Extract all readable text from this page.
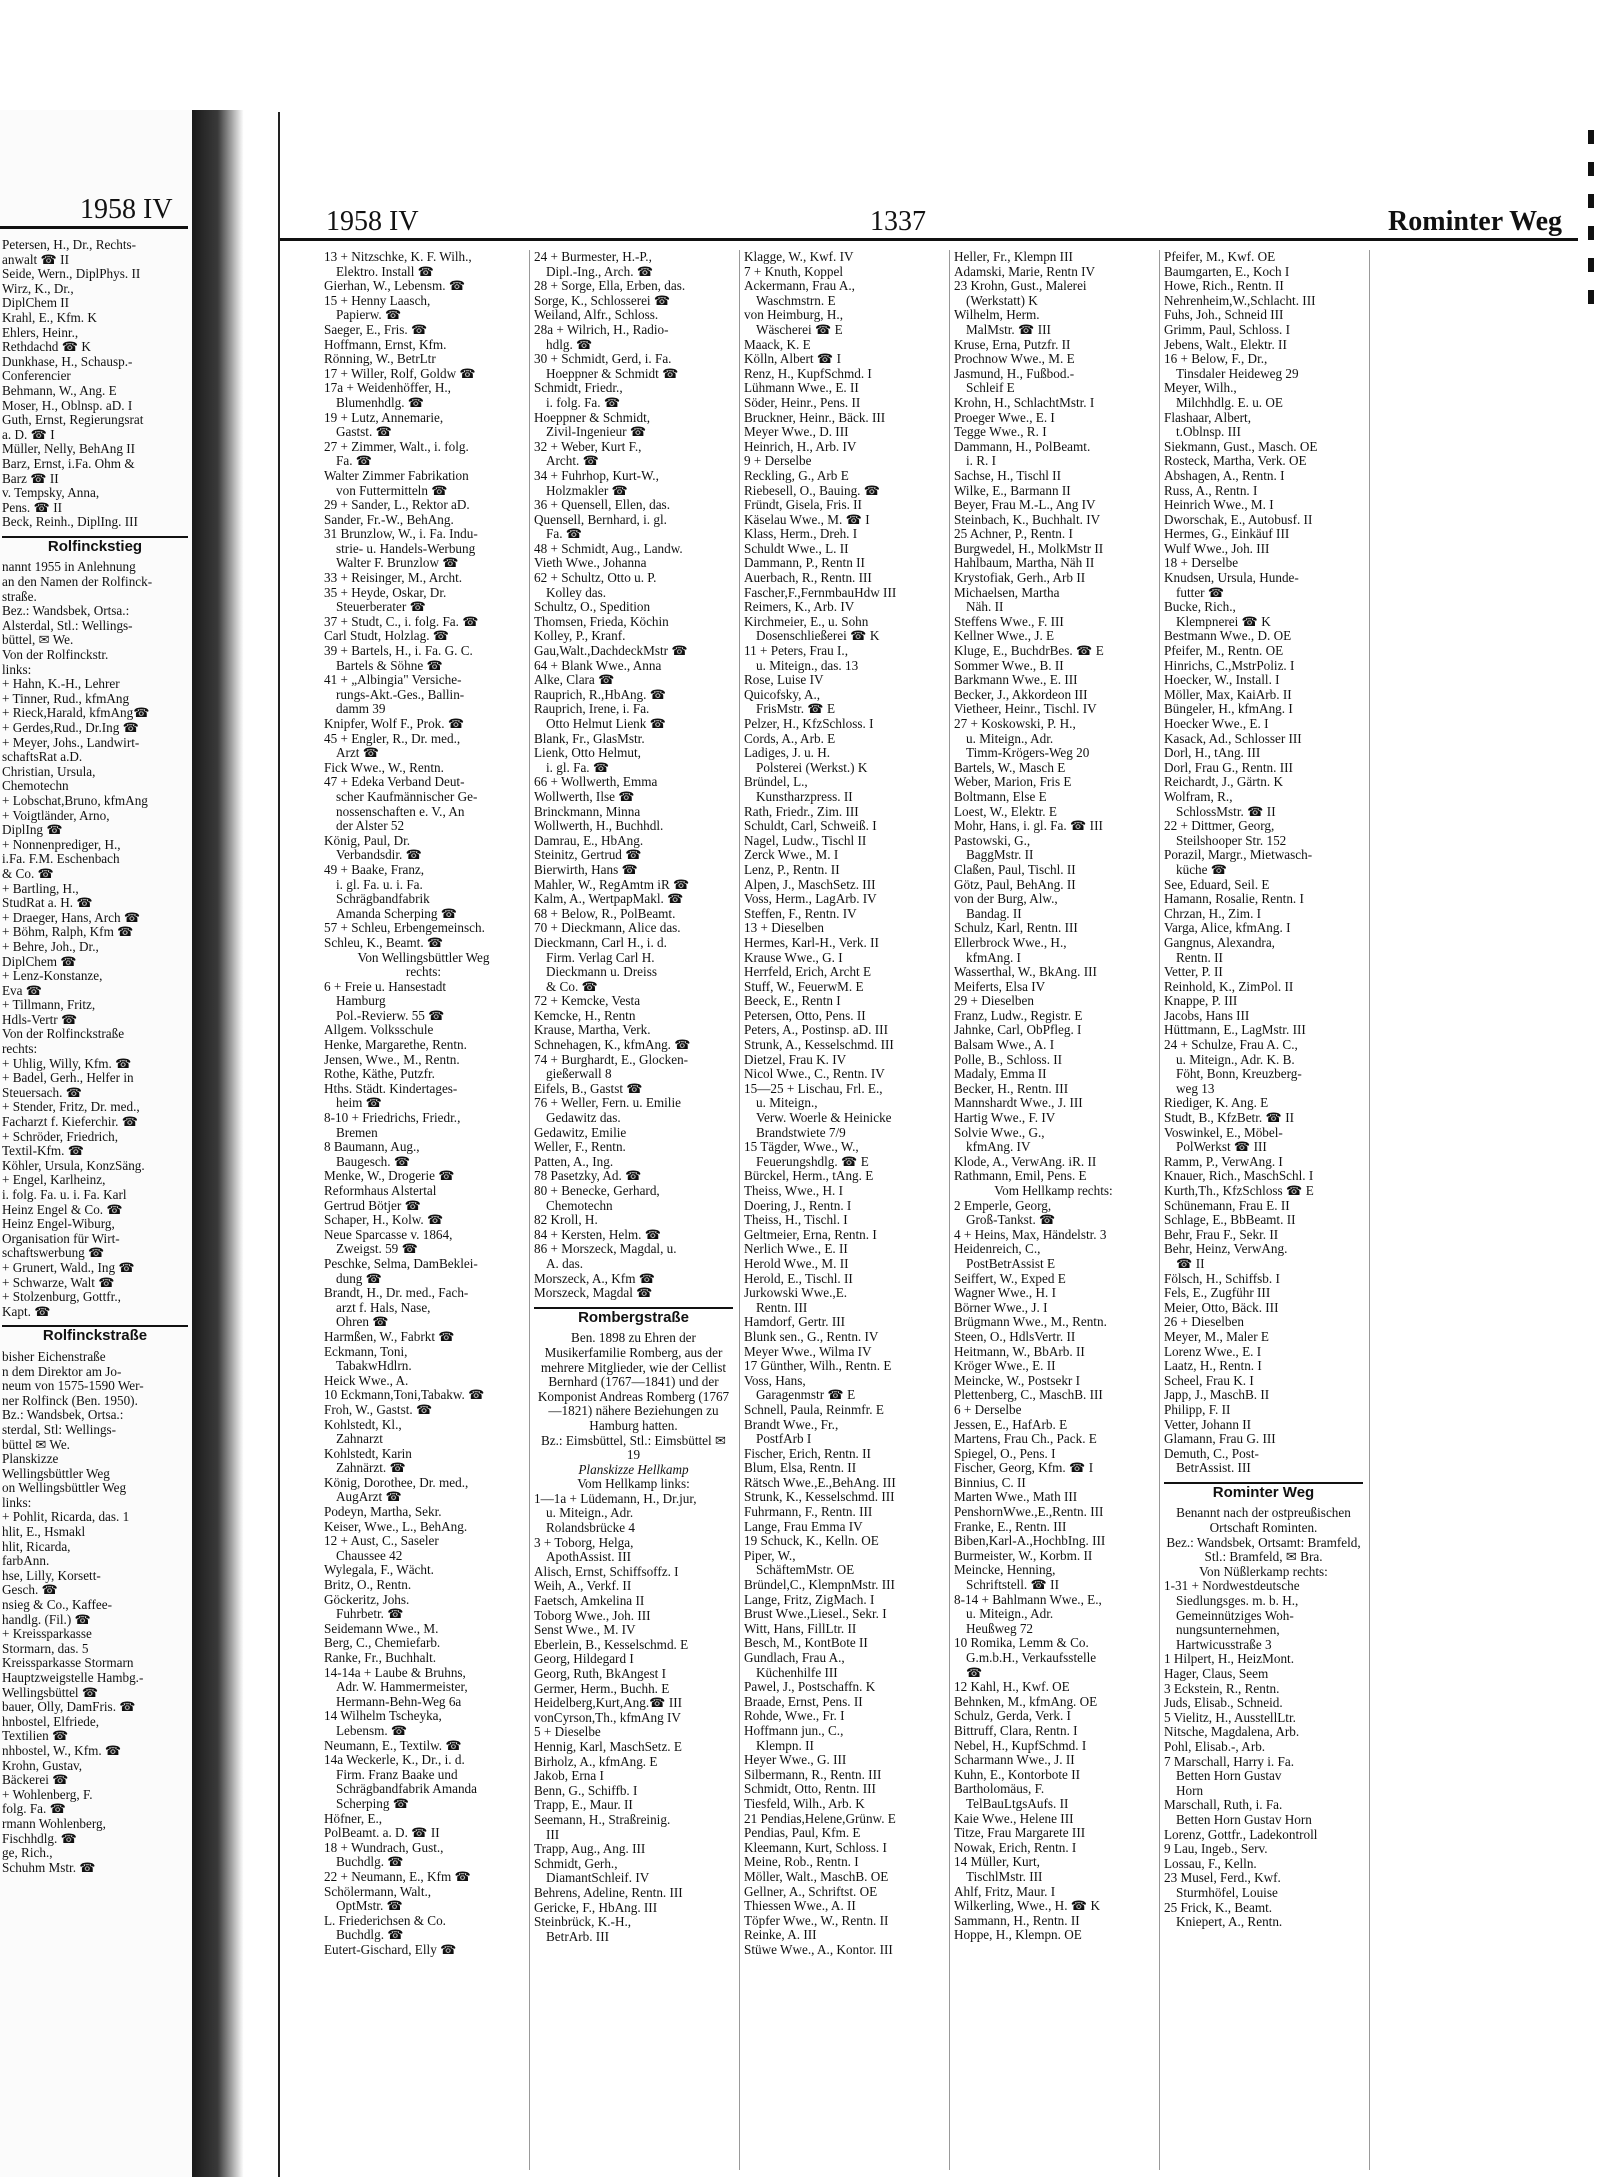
1958 IV
Petersen, H., Dr., Rechts-
anwalt ☎ II
Seide, Wern., DiplPhys. II
Wirz, K., Dr.,
DiplChem II
Krahl, E., Kfm. K
Ehlers, Heinr.,
Rethdachd ☎ K
Dunkhase, H., Schausp.-
Conferencier
Behmann, W., Ang. E
Moser, H., Oblnsp. aD. I
Guth, Ernst, Regierungsrat
a. D. ☎ I
Müller, Nelly, BehAng II
Barz, Ernst, i.Fa. Ohm &
Barz ☎ II
v. Tempsky, Anna,
Pens. ☎ II
Beck, Reinh., DiplIng. III
Rolfinckstieg
nannt 1955 in Anlehnung
an den Namen der Rolfinck-
straße.
Bez.: Wandsbek, Ortsa.:
Alsterdal, Stl.: Wellings-
büttel, ✉ We.
Von der Rolfinckstr.
links:
+ Hahn, K.-H., Lehrer
+ Tinner, Rud., kfmAng
+ Rieck,Harald, kfmAng☎
+ Gerdes,Rud., Dr.Ing ☎
+ Meyer, Johs., Landwirt-
schaftsRat a.D.
Christian, Ursula,
Chemotechn
+ Lobschat,Bruno, kfmAng
+ Voigtländer, Arno,
DiplIng ☎
+ Nonnenprediger, H.,
i.Fa. F.M. Eschenbach
& Co. ☎
+ Bartling, H.,
StudRat a. H. ☎
+ Draeger, Hans, Arch ☎
+ Böhm, Ralph, Kfm ☎
+ Behre, Joh., Dr.,
DiplChem ☎
+ Lenz-Konstanze,
Eva ☎
+ Tillmann, Fritz,
Hdls-Vertr ☎
Von der Rolfinckstraße
rechts:
+ Uhlig, Willy, Kfm. ☎
+ Badel, Gerh., Helfer in
Steuersach. ☎
+ Stender, Fritz, Dr. med.,
Facharzt f. Kieferchir. ☎
+ Schröder, Friedrich,
Textil-Kfm. ☎
Köhler, Ursula, KonzSäng.
+ Engel, Karlheinz,
i. folg. Fa. u. i. Fa. Karl
Heinz Engel & Co. ☎
Heinz Engel-Wiburg,
Organisation für Wirt-
schaftswerbung ☎
+ Grunert, Wald., Ing ☎
+ Schwarze, Walt ☎
+ Stolzenburg, Gottfr.,
Kapt. ☎
Rolfinckstraße
bisher Eichenstraße
n dem Direktor am Jo-
neum von 1575-1590 Wer-
ner Rolfinck (Ben. 1950).
Bz.: Wandsbek, Ortsa.:
sterdal, Stl: Wellings-
büttel ✉ We.
Planskizze
Wellingsbüttler Weg
on Wellingsbüttler Weg
links:
+ Pohlit, Ricarda, das. 1
hlit, E., Hsmakl
hlit, Ricarda,
farbAnn.
hse, Lilly, Korsett-
Gesch. ☎
nsieg & Co., Kaffee-
handlg. (Fil.) ☎
+ Kreissparkasse
Stormarn, das. 5
Kreissparkasse Stormarn
Hauptzweigstelle Hambg.-
Wellingsbüttel ☎
bauer, Olly, DamFris. ☎
hnbostel, Elfriede,
Textilien ☎
nhbostel, W., Kfm. ☎
Krohn, Gustav,
Bäckerei ☎
+ Wohlenberg, F.
folg. Fa. ☎
rmann Wohlenberg,
Fischhdlg. ☎
ge, Rich.,
Schuhm Mstr. ☎
1958 IV	1337	Rominter Weg
13 + Nitzschke, K. F. Wilh.,
Elektro. Install ☎
Gierhan, W., Lebensm. ☎
15 + Henny Laasch,
Papierw. ☎
Saeger, E., Fris. ☎
Hoffmann, Ernst, Kfm.
Rönning, W., BetrLtr
17 + Willer, Rolf, Goldw ☎
17a + Weidenhöffer, H.,
Blumenhdlg. ☎
19 + Lutz, Annemarie,
Gastst. ☎
27 + Zimmer, Walt., i. folg.
Fa. ☎
Walter Zimmer Fabrikation
von Futtermitteln ☎
29 + Sander, L., Rektor aD.
Sander, Fr.-W., BehAng.
31 Brunzlow, W., i. Fa. Indu-
strie- u. Handels-Werbung
Walter F. Brunzlow ☎
33 + Reisinger, M., Archt.
35 + Heyde, Oskar, Dr.
Steuerberater ☎
37 + Studt, C., i. folg. Fa. ☎
Carl Studt, Holzlag. ☎
39 + Bartels, H., i. Fa. G. C.
Bartels & Söhne ☎
41 + „Albingia" Versiche-
rungs-Akt.-Ges., Ballin-
damm 39
Knipfer, Wolf F., Prok. ☎
45 + Engler, R., Dr. med.,
Arzt ☎
Fick Wwe., W., Rentn.
47 + Edeka Verband Deut-
scher Kaufmännischer Ge-
nossenschaften e. V., An
der Alster 52
König, Paul, Dr.
Verbandsdir. ☎
49 + Baake, Franz,
i. gl. Fa. u. i. Fa.
Schrägbandfabrik
Amanda Scherping ☎
57 + Schleu, Erbengemeinsch.
Schleu, K., Beamt. ☎
Von Wellingsbüttler Weg
rechts:
6 + Freie u. Hansestadt
Hamburg
Pol.-Revierw. 55 ☎
Allgem. Volksschule
Henke, Margarethe, Rentn.
Jensen, Wwe., M., Rentn.
Rothe, Käthe, Putzfr.
Hths. Städt. Kindertages-
heim ☎
8-10 + Friedrichs, Friedr.,
Bremen
8 Baumann, Aug.,
Baugesch. ☎
Menke, W., Drogerie ☎
Reformhaus Alstertal
Gertrud Bötjer ☎
Schaper, H., Kolw. ☎
Neue Sparcasse v. 1864,
Zweigst. 59 ☎
Peschke, Selma, DamBeklei-
dung ☎
Brandt, H., Dr. med., Fach-
arzt f. Hals, Nase,
Ohren ☎
Harmßen, W., Fabrkt ☎
Eckmann, Toni,
TabakwHdlrn.
Heick Wwe., A.
10 Eckmann,Toni,Tabakw. ☎
Froh, W., Gastst. ☎
Kohlstedt, Kl.,
Zahnarzt
Kohlstedt, Karin
Zahnärzt. ☎
König, Dorothee, Dr. med.,
AugArzt ☎
Podeyn, Martha, Sekr.
Keiser, Wwe., L., BehAng.
12 + Aust, C., Saseler
Chaussee 42
Wylegala, F., Wächt.
Britz, O., Rentn.
Göckeritz, Johs.
Fuhrbetr. ☎
Seidemann Wwe., M.
Berg, C., Chemiefarb.
Ranke, Fr., Buchhalt.
14-14a + Laube & Bruhns,
Adr. W. Hammermeister,
Hermann-Behn-Weg 6a
14 Wilhelm Tscheyka,
Lebensm. ☎
Neumann, E., Textilw. ☎
14a Weckerle, K., Dr., i. d.
Firm. Franz Baake und
Schrägbandfabrik Amanda
Scherping ☎
Höfner, E.,
PolBeamt. a. D. ☎ II
18 + Wundrach, Gust.,
Buchdlg. ☎
22 + Neumann, E., Kfm ☎
Schölermann, Walt.,
OptMstr. ☎
L. Friederichsen & Co.
Buchdlg. ☎
Eutert-Gischard, Elly ☎
24 + Burmester, H.-P.,
Dipl.-Ing., Arch. ☎
28 + Sorge, Ella, Erben, das.
Sorge, K., Schlosserei ☎
Weiland, Alfr., Schloss.
28a + Wilrich, H., Radio-
hdlg. ☎
30 + Schmidt, Gerd, i. Fa.
Hoeppner & Schmidt ☎
Schmidt, Friedr.,
i. folg. Fa. ☎
Hoeppner & Schmidt,
Zivil-Ingenieur ☎
32 + Weber, Kurt F.,
Archt. ☎
34 + Fuhrhop, Kurt-W.,
Holzmakler ☎
36 + Quensell, Ellen, das.
Quensell, Bernhard, i. gl.
Fa. ☎
48 + Schmidt, Aug., Landw.
Vieth Wwe., Johanna
62 + Schultz, Otto u. P.
Kolley das.
Schultz, O., Spedition
Thomsen, Frieda, Köchin
Kolley, P., Kranf.
Gau,Walt.,DachdeckMstr ☎
64 + Blank Wwe., Anna
Alke, Clara ☎
Rauprich, R.,HbAng. ☎
Rauprich, Irene, i. Fa.
Otto Helmut Lienk ☎
Blank, Fr., GlasMstr.
Lienk, Otto Helmut,
i. gl. Fa. ☎
66 + Wollwerth, Emma
Wollwerth, Ilse ☎
Brinckmann, Minna
Wollwerth, H., Buchhdl.
Damrau, E., HbAng.
Steinitz, Gertrud ☎
Bierwirth, Hans ☎
Mahler, W., RegAmtm iR ☎
Kalm, A., WertpapMakl. ☎
68 + Below, R., PolBeamt.
70 + Dieckmann, Alice das.
Dieckmann, Carl H., i. d.
Firm. Verlag Carl H.
Dieckmann u. Dreiss
& Co. ☎
72 + Kemcke, Vesta
Kemcke, H., Rentn
Krause, Martha, Verk.
Schnehagen, K., kfmAng. ☎
74 + Burghardt, E., Glocken-
gießerwall 8
Eifels, B., Gastst ☎
76 + Weller, Fern. u. Emilie
Gedawitz das.
Gedawitz, Emilie
Weller, F., Rentn.
Patten, A., Ing.
78 Pasetzky, Ad. ☎
80 + Benecke, Gerhard,
Chemotechn
82 Kroll, H.
84 + Kersten, Helm. ☎
86 + Morszeck, Magdal, u.
A. das.
Morszeck, A., Kfm ☎
Morszeck, Magdal ☎
Rombergstraße
Ben. 1898 zu Ehren der Musikerfamilie Romberg, aus der mehrere Mitglieder, wie der Cellist Bernhard (1767—1841) und der Komponist Andreas Romberg (1767—1821) nähere Beziehungen zu Hamburg hatten.
Bz.: Eimsbüttel, Stl.: Eimsbüttel ✉ 19
Planskizze Hellkamp
Vom Hellkamp links:
1—1a + Lüdemann, H., Dr.jur,
u. Miteign., Adr.
Rolandsbrücke 4
3 + Toborg, Helga,
ApothAssist. III
Alisch, Ernst, Schiffsoffz. I
Weih, A., Verkf. II
Faetsch, Amkelina II
Toborg Wwe., Joh. III
Senst Wwe., M. IV
Eberlein, B., Kesselschmd. E
Georg, Hildegard I
Georg, Ruth, BkAngest I
Germer, Herm., Buchh. E
Heidelberg,Kurt,Ang.☎ III
vonCyrson,Th., kfmAng IV
5 + Dieselbe
Hennig, Karl, MaschSetz. E
Birholz, A., kfmAng. E
Jakob, Erna I
Benn, G., Schiffb. I
Trapp, E., Maur. II
Seemann, H., Straßreinig.
III
Trapp, Aug., Ang. III
Schmidt, Gerh.,
DiamantSchleif. IV
Behrens, Adeline, Rentn. III
Gericke, F., HbAng. III
Steinbrück, K.-H.,
BetrArb. III
Klagge, W., Kwf. IV
7 + Knuth, Koppel
Ackermann, Frau A.,
Waschmstrn. E
von Heimburg, H.,
Wäscherei ☎ E
Maack, K. E
Kölln, Albert ☎ I
Renz, H., KupfSchmd. I
Lühmann Wwe., E. II
Söder, Heinr., Pens. II
Bruckner, Heinr., Bäck. III
Meyer Wwe., D. III
Heinrich, H., Arb. IV
9 + Derselbe
Reckling, G., Arb E
Riebesell, O., Bauing. ☎
Fründt, Gisela, Fris. II
Käselau Wwe., M. ☎ I
Klass, Herm., Dreh. I
Schuldt Wwe., L. II
Dammann, P., Rentn II
Auerbach, R., Rentn. III
Fascher,F.,FernmbauHdw III
Reimers, K., Arb. IV
Kirchmeier, E., u. Sohn
Dosenschließerei ☎ K
11 + Peters, Frau I.,
u. Miteign., das. 13
Rose, Luise IV
Quicofsky, A.,
FrisMstr. ☎ E
Pelzer, H., KfzSchloss. I
Cords, A., Arb. E
Ladiges, J. u. H.
Polsterei (Werkst.) K
Bründel, L.,
Kunstharzpress. II
Rath, Friedr., Zim. III
Schuldt, Carl, Schweiß. I
Nagel, Ludw., Tischl II
Zerck Wwe., M. I
Lenz, P., Rentn. II
Alpen, J., MaschSetz. III
Voss, Herm., LagArb. IV
Steffen, F., Rentn. IV
13 + Dieselben
Hermes, Karl-H., Verk. II
Krause Wwe., G. I
Herrfeld, Erich, Archt E
Stuff, W., FeuerwM. E
Beeck, E., Rentn I
Petersen, Otto, Pens. II
Peters, A., Postinsp. aD. III
Strunk, A., Kesselschmd. III
Dietzel, Frau K. IV
Nicol Wwe., C., Rentn. IV
15—25 + Lischau, Frl. E.,
u. Miteign.,
Verw. Woerle & Heinicke
Brandstwiete 7/9
15 Tägder, Wwe., W.,
Feuerungshdlg. ☎ E
Bürckel, Herm., tAng. E
Theiss, Wwe., H. I
Doering, J., Rentn. I
Theiss, H., Tischl. I
Geltmeier, Erna, Rentn. I
Nerlich Wwe., E. II
Herold Wwe., M. II
Herold, E., Tischl. II
Jurkowski Wwe.,E.
Rentn. III
Hamdorf, Gertr. III
Blunk sen., G., Rentn. IV
Meyer Wwe., Wilma IV
17 Günther, Wilh., Rentn. E
Voss, Hans,
Garagenmstr ☎ E
Schnell, Paula, Reinmfr. E
Brandt Wwe., Fr.,
PostfArb I
Fischer, Erich, Rentn. II
Blum, Elsa, Rentn. II
Rätsch Wwe.,E.,BehAng. III
Strunk, K., Kesselschmd. III
Fuhrmann, F., Rentn. III
Lange, Frau Emma IV
19 Schuck, K., Kelln. OE
Piper, W.,
SchäftemMstr. OE
Bründel,C., KlempnMstr. III
Lange, Fritz, ZigMach. I
Brust Wwe.,Liesel., Sekr. I
Witt, Hans, FillLtr. II
Besch, M., KontBote II
Gundlach, Frau A.,
Küchenhilfe III
Pawel, J., Postschaffn. K
Braade, Ernst, Pens. II
Rohde, Wwe., Fr. I
Hoffmann jun., C.,
Klempn. II
Heyer Wwe., G. III
Silbermann, R., Rentn. III
Schmidt, Otto, Rentn. III
Tiesfeld, Wilh., Arb. K
21 Pendias,Helene,Grünw. E
Pendias, Paul, Kfm. E
Kleemann, Kurt, Schloss. I
Meine, Rob., Rentn. I
Möller, Walt., MaschB. OE
Gellner, A., Schriftst. OE
Thiessen Wwe., A. II
Töpfer Wwe., W., Rentn. II
Reinke, A. III
Stüwe Wwe., A., Kontor. III
Heller, Fr., Klempn III
Adamski, Marie, Rentn IV
23 Krohn, Gust., Malerei
(Werkstatt) K
Wilhelm, Herm.
MalMstr. ☎ III
Kruse, Erna, Putzfr. II
Prochnow Wwe., M. E
Jasmund, H., Fußbod.-
Schleif E
Krohn, H., SchlachtMstr. I
Proeger Wwe., E. I
Tegge Wwe., R. I
Dammann, H., PolBeamt.
i. R. I
Sachse, H., Tischl II
Wilke, E., Barmann II
Beyer, Frau M.-L., Ang IV
Steinbach, K., Buchhalt. IV
25 Achner, P., Rentn. I
Burgwedel, H., MolkMstr II
Hahlbaum, Martha, Näh II
Krystofiak, Gerh., Arb II
Michaelsen, Martha
Näh. II
Steffens Wwe., F. III
Kellner Wwe., J. E
Kluge, E., BuchdrBes. ☎ E
Sommer Wwe., B. II
Barkmann Wwe., E. III
Becker, J., Akkordeon III
Vietheer, Heinr., Tischl. IV
27 + Koskowski, P. H.,
u. Miteign., Adr.
Timm-Krögers-Weg 20
Bartels, W., Masch E
Weber, Marion, Fris E
Boltmann, Else E
Loest, W., Elektr. E
Mohr, Hans, i. gl. Fa. ☎ III
Pastowski, G.,
BaggMstr. II
Claßen, Paul, Tischl. II
Götz, Paul, BehAng. II
von der Burg, Alw.,
Bandag. II
Schulz, Karl, Rentn. III
Ellerbrock Wwe., H.,
kfmAng. I
Wasserthal, W., BkAng. III
Meiferts, Elsa IV
29 + Dieselben
Franz, Ludw., Registr. E
Jahnke, Carl, ObPfleg. I
Balsam Wwe., A. I
Polle, B., Schloss. II
Madaly, Emma II
Becker, H., Rentn. III
Mannshardt Wwe., J. III
Hartig Wwe., F. IV
Solvie Wwe., G.,
kfmAng. IV
Klode, A., VerwAng. iR. II
Rathmann, Emil, Pens. E
Vom Hellkamp rechts:
2 Emperle, Georg,
Groß-Tankst. ☎
4 + Heins, Max, Händelstr. 3
Heidenreich, C.,
PostBetrAssist E
Seiffert, W., Exped E
Wagner Wwe., H. I
Börner Wwe., J. I
Brügmann Wwe., M., Rentn.
Steen, O., HdlsVertr. II
Heitmann, W., BbArb. II
Kröger Wwe., E. II
Meincke, W., Postsekr I
Plettenberg, C., MaschB. III
6 + Derselbe
Jessen, E., HafArb. E
Martens, Frau Ch., Pack. E
Spiegel, O., Pens. I
Fischer, Georg, Kfm. ☎ I
Binnius, C. II
Marten Wwe., Math III
PenshornWwe.,E.,Rentn. III
Franke, E., Rentn. III
Biben,Karl-A.,HochbIng. III
Burmeister, W., Korbm. II
Meincke, Henning,
Schriftstell. ☎ II
8-14 + Bahlmann Wwe., E.,
u. Miteign., Adr.
Heußweg 72
10 Romika, Lemm & Co.
G.m.b.H., Verkaufsstelle
☎
12 Kahl, H., Kwf. OE
Behnken, M., kfmAng. OE
Schulz, Gerda, Verk. I
Bittruff, Clara, Rentn. I
Nebel, H., KupfSchmd. I
Scharmann Wwe., J. II
Kuhn, E., Kontorbote II
Bartholomäus, F.
TelBauLtgsAufs. II
Kaie Wwe., Helene III
Titze, Frau Margarete III
Nowak, Erich, Rentn. I
14 Müller, Kurt,
TischlMstr. III
Ahlf, Fritz, Maur. I
Wilkerling, Wwe., H. ☎ K
Sammann, H., Rentn. II
Hoppe, H., Klempn. OE
Pfeifer, M., Kwf. OE
Baumgarten, E., Koch I
Howe, Rich., Rentn. II
Nehrenheim,W.,Schlacht. III
Fuhs, Joh., Schneid III
Grimm, Paul, Schloss. I
Jebens, Walt., Elektr. II
16 + Below, F., Dr.,
Tinsdaler Heideweg 29
Meyer, Wilh.,
Milchhdlg. E. u. OE
Flashaar, Albert,
t.Oblnsp. III
Siekmann, Gust., Masch. OE
Rosteck, Martha, Verk. OE
Abshagen, A., Rentn. I
Russ, A., Rentn. I
Heinrich Wwe., M. I
Dworschak, E., Autobusf. II
Hermes, G., Einkäuf III
Wulf Wwe., Joh. III
18 + Derselbe
Knudsen, Ursula, Hunde-
futter ☎
Bucke, Rich.,
Klempnerei ☎ K
Bestmann Wwe., D. OE
Pfeifer, M., Rentn. OE
Hinrichs, C.,MstrPoliz. I
Hoecker, W., Install. I
Möller, Max, KaiArb. II
Büngeler, H., kfmAng. I
Hoecker Wwe., E. I
Kasack, Ad., Schlosser III
Dorl, H., tAng. III
Dorl, Frau G., Rentn. III
Reichardt, J., Gärtn. K
Wolfram, R.,
SchlossMstr. ☎ II
22 + Dittmer, Georg,
Steilshooper Str. 152
Porazil, Margr., Mietwasch-
küche ☎
See, Eduard, Seil. E
Hamann, Rosalie, Rentn. I
Chrzan, H., Zim. I
Varga, Alice, kfmAng. I
Gangnus, Alexandra,
Rentn. II
Vetter, P. II
Reinhold, K., ZimPol. II
Knappe, P. III
Jacobs, Hans III
Hüttmann, E., LagMstr. III
24 + Schulze, Frau A. C.,
u. Miteign., Adr. K. B.
Föht, Bonn, Kreuzberg-
weg 13
Riediger, K. Ang. E
Studt, B., KfzBetr. ☎ II
Voswinkel, E., Möbel-
PolWerkst ☎ III
Ramm, P., VerwAng. I
Knauer, Rich., MaschSchl. I
Kurth,Th., KfzSchloss ☎ E
Schünemann, Frau E. II
Schlage, E., BbBeamt. II
Behr, Frau F., Sekr. II
Behr, Heinz, VerwAng.
☎ II
Fölsch, H., Schiffsb. I
Fels, E., Zugführ III
Meier, Otto, Bäck. III
26 + Dieselben
Meyer, M., Maler E
Lorenz Wwe., E. I
Laatz, H., Rentn. I
Scheel, Frau K. I
Japp, J., MaschB. II
Philipp, F. II
Vetter, Johann II
Glamann, Frau G. III
Demuth, C., Post-
BetrAssist. III
Rominter Weg
Benannt nach der ostpreußischen Ortschaft Rominten.
Bez.: Wandsbek, Ortsamt: Bramfeld, Stl.: Bramfeld, ✉ Bra.
Von Nüßlerkamp rechts:
1-31 + Nordwestdeutsche
Siedlungsges. m. b. H.,
Gemeinnütziges Woh-
nungsunternehmen,
Hartwicusstraße 3
1 Hilpert, H., HeizMont.
Hager, Claus, Seem
3 Eckstein, R., Rentn.
Juds, Elisab., Schneid.
5 Vielitz, H., AusstellLtr.
Nitsche, Magdalena, Arb.
Pohl, Elisab.-, Arb.
7 Marschall, Harry i. Fa.
Betten Horn Gustav
Horn
Marschall, Ruth, i. Fa.
Betten Horn Gustav Horn
Lorenz, Gottfr., Ladekontroll
9 Lau, Ingeb., Serv.
Lossau, F., Kelln.
23 Musel, Ferd., Kwf.
Sturmhöfel, Louise
25 Frick, K., Beamt.
Kniepert, A., Rentn.
